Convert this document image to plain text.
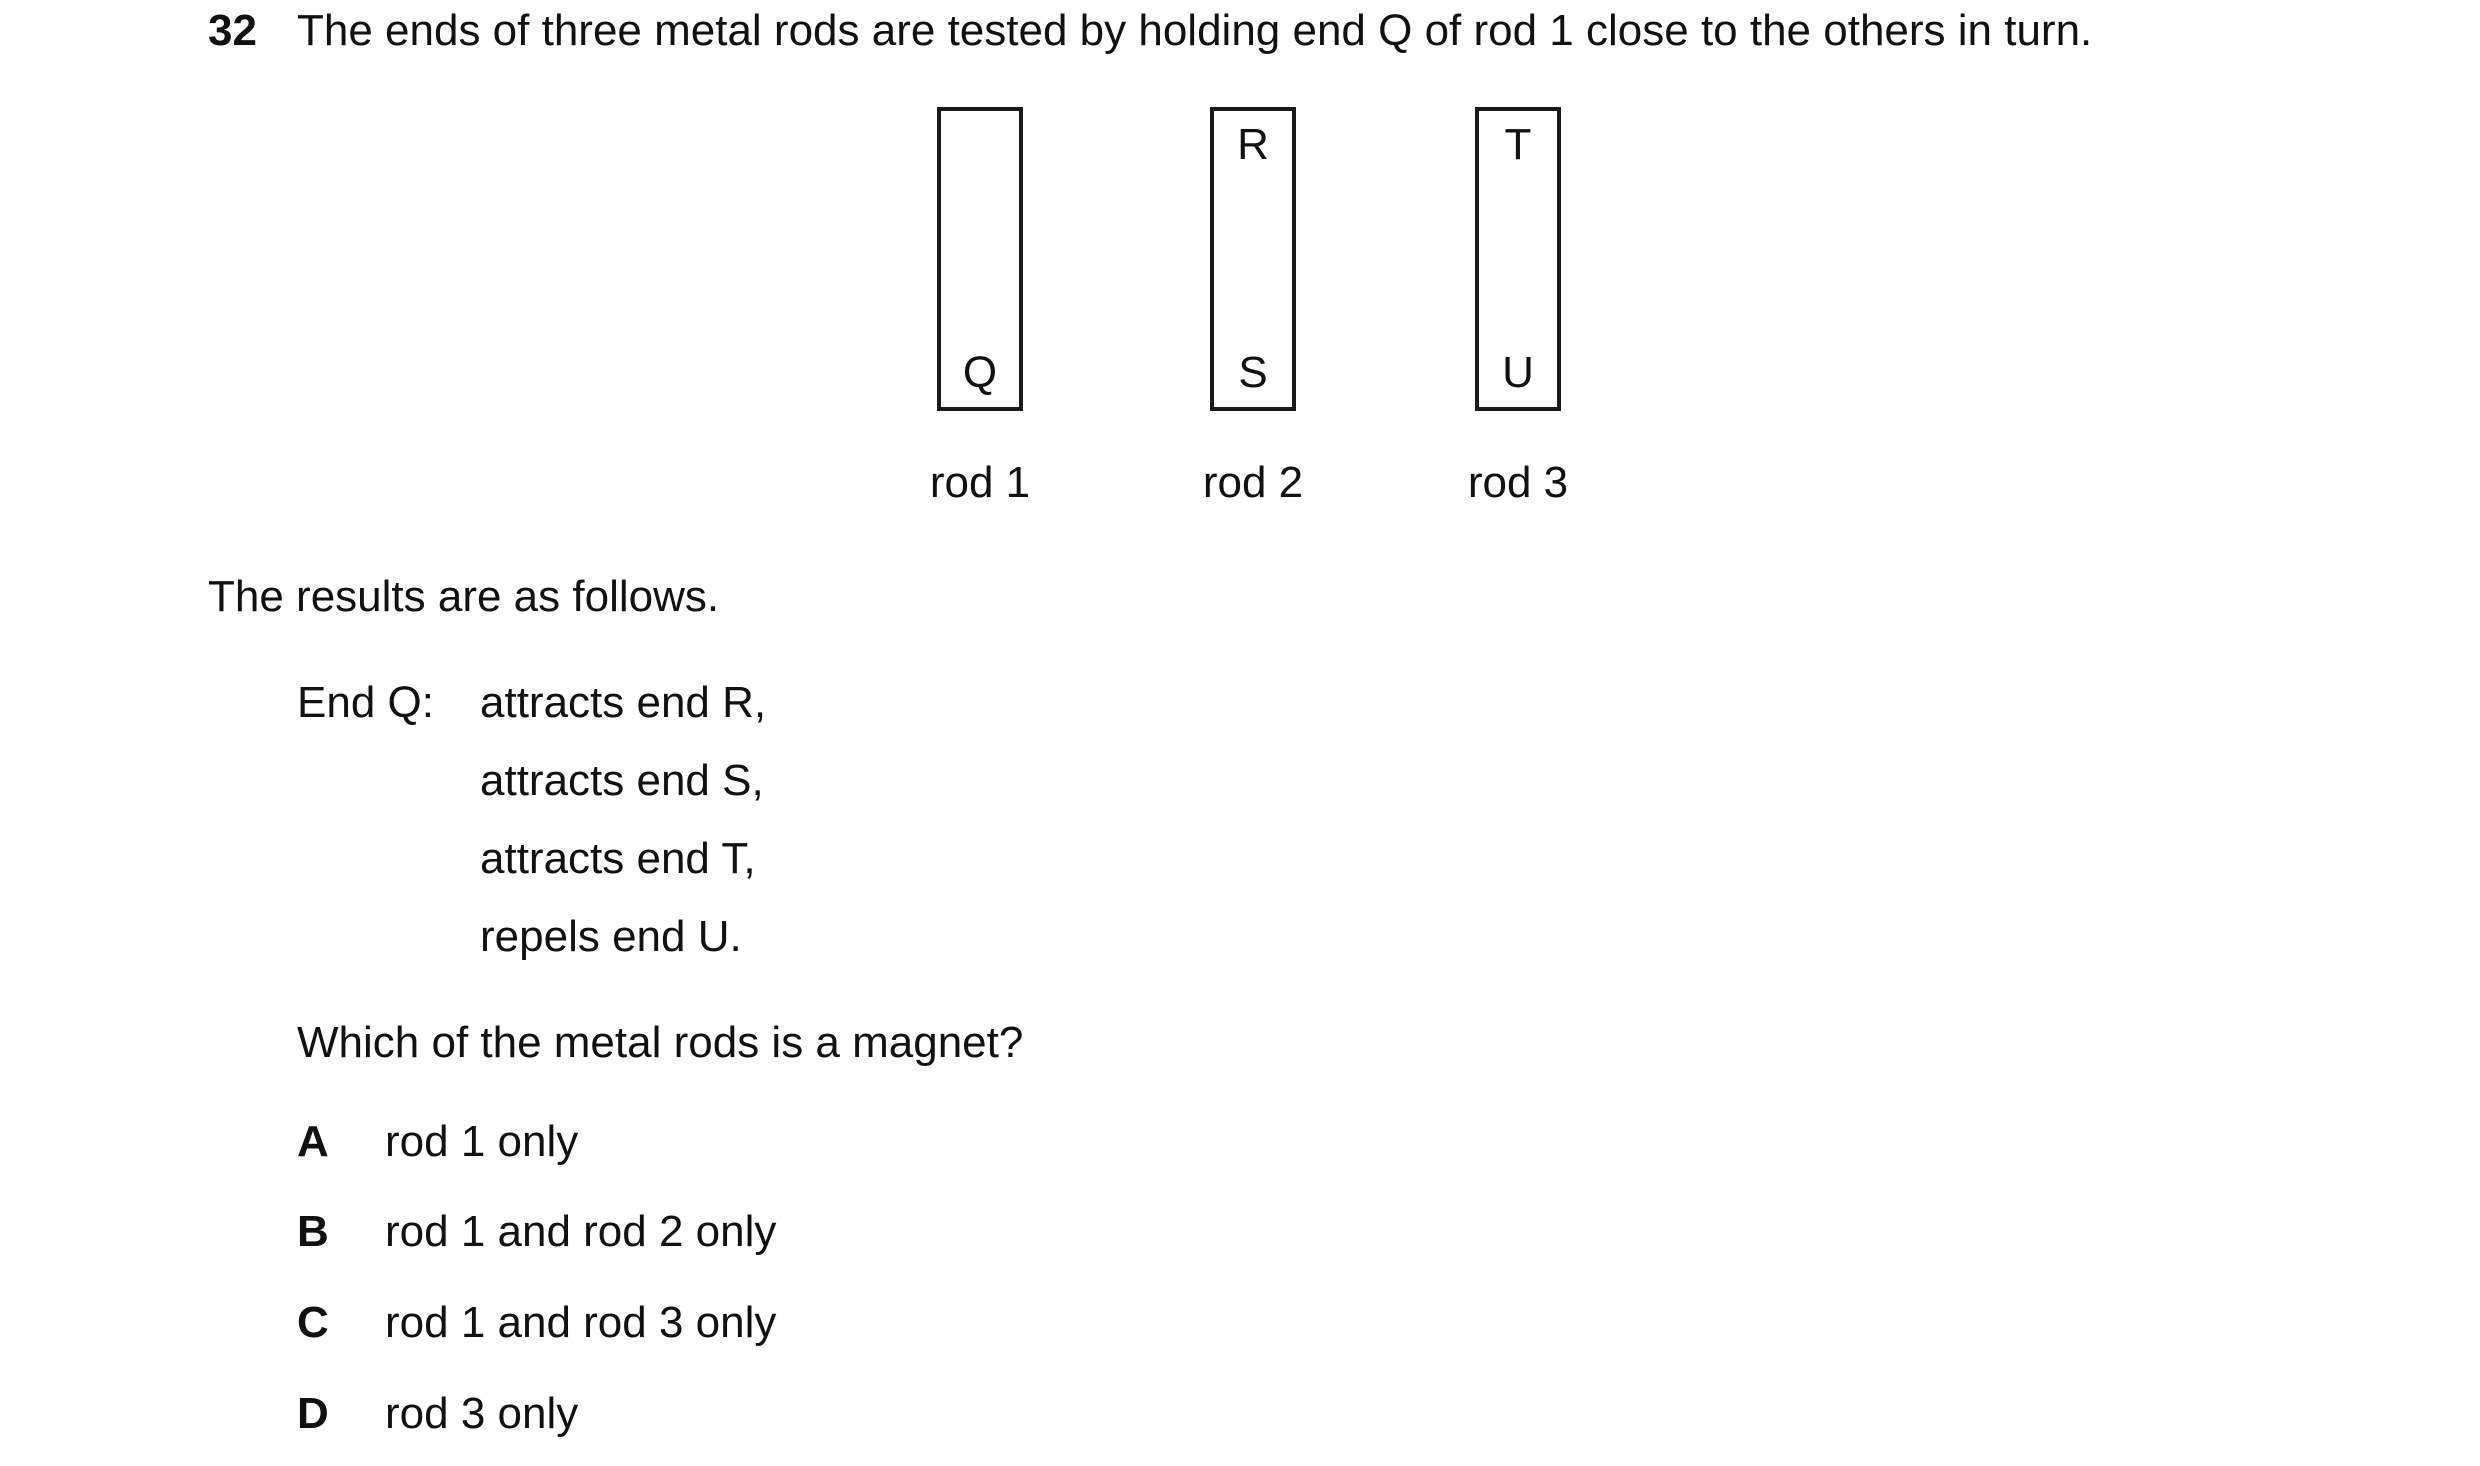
32 The ends of three metal rods are tested by holding end Q of rod 1 close to the others in turn.
Q
rod 1
R
S
rod 2
T
U
rod 3
The results are as follows.
End Q: attracts end R,
attracts end S,
attracts end T,
repels end U.
Which of the metal rods is a magnet?
A rod 1 only
B rod 1 and rod 2 only
C rod 1 and rod 3 only
D rod 3 only
